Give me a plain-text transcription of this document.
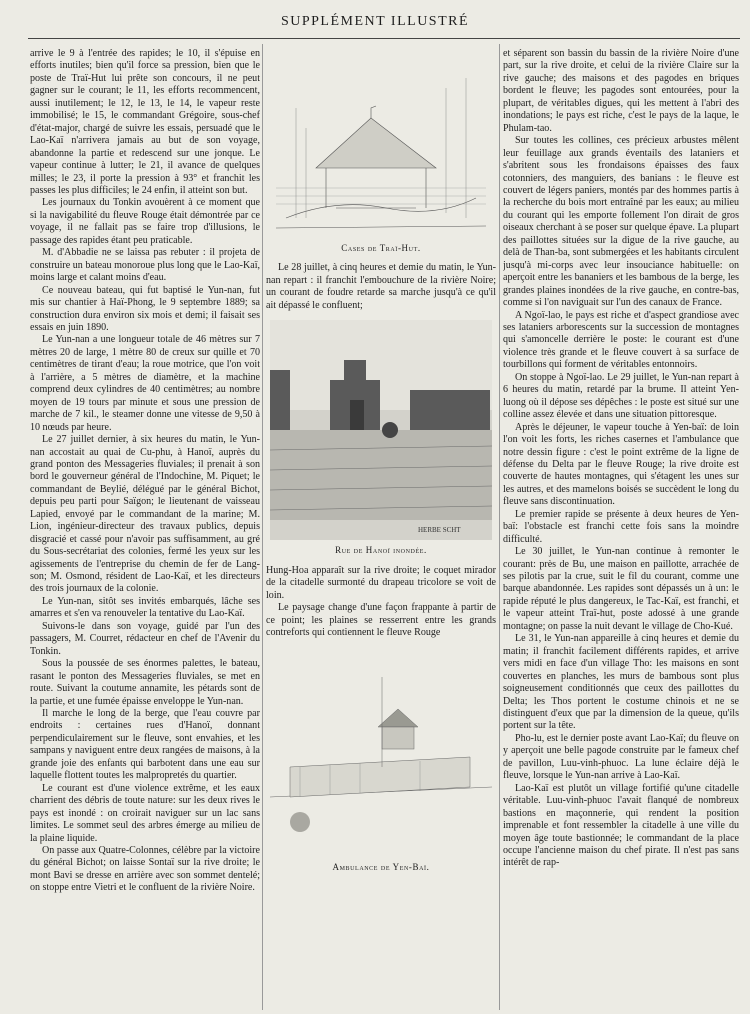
SUPPLÉMENT ILLUSTRÉ

arrive le 9 à l'entrée des rapides; le 10, il s'épuise en efforts inutiles; bien qu'il force sa pression, bien que le poste de Traï-Hut lui prête son concours, il ne peut gagner sur le courant; le 11, les efforts recommencent, aussi inutilement; le 12, le 13, le 14, le vapeur reste immobilisé; le 15, le commandant Grégoire, sous-chef d'état-major, chargé de suivre les essais, persuadé que le Lao-Kaï n'arrivera jamais au but de son voyage, abandonne la partie et redescend sur une jonque. Le vapeur continue à lutter; le 21, il avance de quelques milles; le 23, il porte la pression à 93° et franchit les passes les plus difficiles; le 24 enfin, il atteint son but.

Les journaux du Tonkin avouèrent à ce moment que si la navigabilité du fleuve Rouge était démontrée par ce voyage, il ne fallait pas se faire trop d'illusions, le passage des rapides étant peu praticable.

M. d'Abbadie ne se laissa pas rebuter : il projeta de construire un bateau monoroue plus long que le Lao-Kaï, moins large et calant moins d'eau.

Ce nouveau bateau, qui fut baptisé le Yun-nan, fut mis sur chantier à Haï-Phong, le 9 septembre 1889; sa construction dura environ six mois et demi; il faisait ses essais en juin 1890.

Le Yun-nan a une longueur totale de 46 mètres sur 7 mètres 20 de large, 1 mètre 80 de creux sur quille et 70 centimètres de tirant d'eau; la roue motrice, que l'on voit à l'arrière, a 5 mètres de diamètre, et la machine comprend deux cylindres de 40 centimètres; au nombre moyen de 19 tours par minute et sous une pression de marche de 7 kil., le steamer donne une vitesse de 9,50 à 10 nœuds par heure.

Le 27 juillet dernier, à six heures du matin, le Yun-nan accostait au quai de Cu-phu, à Hanoï, auprès du grand ponton des Messageries fluviales; il prenait à son bord le gouverneur général de l'Indochine, M. Piquet; le commandant de Beylié, délégué par le général Bichot, depuis peu parti pour Saïgon; le lieutenant de vaisseau Lapied, envoyé par le commandant de la marine; M. Lion, ingénieur-directeur des travaux publics, depuis disgracié et cassé pour n'avoir pas suffisamment, au gré du Sous-secrétariat des colonies, fermé les yeux sur les agissements de l'entreprise du chemin de fer de Lang-son; M. Osmond, résident de Lao-Kaï, et les directeurs des trois journaux de la colonie.

Le Yun-nan, sitôt ses invités embarqués, lâche ses amarres et s'en va renouveler la tentative du Lao-Kaï.

Suivons-le dans son voyage, guidé par l'un des passagers, M. Courret, rédacteur en chef de l'Avenir du Tonkin.

Sous la poussée de ses énormes palettes, le bateau, rasant le ponton des Messageries fluviales, se met en route. Suivant la coutume annamite, les pétards sont de la partie, et une fumée épaisse enveloppe le Yun-nan.

Il marche le long de la berge, que l'eau couvre par endroits : certaines rues d'Hanoï, donnant perpendiculairement sur le fleuve, sont envahies, et les sampans y naviguent entre deux rangées de maisons, à la grande joie des enfants qui barbotent dans une eau sur laquelle flottent toutes les malpropretés du quartier.

Le courant est d'une violence extrême, et les eaux charrient des débris de toute nature: sur les deux rives le pays est inondé : on croirait naviguer sur un lac sans limites. Le sommet seul des arbres émerge au milieu de la plaine liquide.

On passe aux Quatre-Colonnes, célèbre par la victoire du général Bichot; on laisse Sontaï sur la rive droite; le mont Bavi se dresse en arrière avec son sommet dentelé; on stoppe entre Vietri et le confluent de la rivière Noire.

Cases de Traï-Hut.

Le 28 juillet, à cinq heures et demie du matin, le Yun-nan repart : il franchit l'embouchure de la rivière Noire; un courant de foudre retarde sa marche jusqu'à ce qu'il ait dépassé le confluent;

HERBE SCHT
Rue de Hanoï inondée.

Hung-Hoa apparaît sur la rive droite; le coquet mirador de la citadelle surmonté du drapeau tricolore se voit de loin.

Le paysage change d'une façon frappante à partir de ce point; les plaines se resserrent entre les grands contreforts qui contiennent le fleuve Rouge

Ambulance de Yen-Baï.

et séparent son bassin du bassin de la rivière Noire d'une part, sur la rive droite, et celui de la rivière Claire sur la rive gauche; des maisons et des pagodes en briques bordent le fleuve; les pagodes sont entourées, pour la plupart, de véritables digues, qui les mettent à l'abri des inondations; le pays est riche, c'est le pays de la laque, le Phulam-tao.

Sur toutes les collines, ces précieux arbustes mêlent leur feuillage aux grands éventails des lataniers et s'abritent sous les frondaisons épaisses des faux cotonniers, des manguiers, des banians : le fleuve est couvert de légers paniers, montés par des hommes partis à la recherche du bois mort entraîné par les eaux; au milieu du courant qui les emporte follement l'on dirait de gros oiseaux cherchant à se poser sur quelque épave. La plupart des paillottes situées sur la digue de la rive gauche, au delà de Than-ba, sont submergées et les habitants circulent jusqu'à mi-corps avec leur insouciance habituelle: on aperçoit entre les bananiers et les bambous de la berge, les grandes plaines inondées de la rive gauche, en contre-bas, comme si l'on naviguait sur l'un des canaux de France.

A Ngoï-lao, le pays est riche et d'aspect grandiose avec ses lataniers arborescents sur la succession de montagnes qui s'amoncelle derrière le poste: le courant est d'une violence très grande et le fleuve couvert à sa surface de tourbillons qui forment de véritables entonnoirs.

On stoppe à Ngoï-lao. Le 29 juillet, le Yun-nan repart à 6 heures du matin, retardé par la brume. Il atteint Yen-luong où il dépose ses dépêches : le poste est situé sur une colline assez élevée et dans une situation pittoresque.

Après le déjeuner, le vapeur touche à Yen-baï: de loin l'on voit les forts, les riches casernes et l'ambulance que notre dessin figure : c'est le point extrême de la ligne de défense du Delta par le fleuve Rouge; la rive droite est couverte de hautes montagnes, qui s'étagent les unes sur les autres, et des mamelons boisés se succèdent le long du fleuve sans discontinuation.

Le premier rapide se présente à deux heures de Yen-baï: l'obstacle est franchi cette fois sans la moindre difficulté.

Le 30 juillet, le Yun-nan continue à remonter le courant: près de Bu, une maison en paillotte, arrachée de ses pilotis par la crue, suit le fil du courant, comme une barque abandonnée. Les rapides sont dépassés un à un: le rapide réputé le plus dangereux, le Tac-Kaï, est franchi, et le vapeur atteint Traï-hut, poste adossé à une grande montagne; on passe la nuit devant le village de Cho-Kué.

Le 31, le Yun-nan appareille à cinq heures et demie du matin; il franchit facilement différents rapides, et arrive vers midi en face d'un village Tho: les maisons en sont couvertes en planches, les murs de bambous sont plus soigneusement conditionnés que ceux des paillottes du Delta; les Thos portent le costume chinois et ne se distinguent d'eux que par la dimension de la queue, qu'ils portent sur la tête.

Pho-lu, est le dernier poste avant Lao-Kaï; du fleuve on y aperçoit une belle pagode construite par le fameux chef de pavillon, Luu-vinh-phuoc. La lune éclaire déjà le fleuve, lorsque le Yun-nan arrive à Lao-Kaï.

Lao-Kaï est plutôt un village fortifié qu'une citadelle véritable. Luu-vinh-phuoc l'avait flanqué de nombreux bastions en maçonnerie, qui rendent la position imprenable et font ressembler la citadelle à une ville du moyen âge toute bastionnée; le commandant de la place occupe l'ancienne maison du chef pirate. Il n'est pas sans intérêt de rap-
